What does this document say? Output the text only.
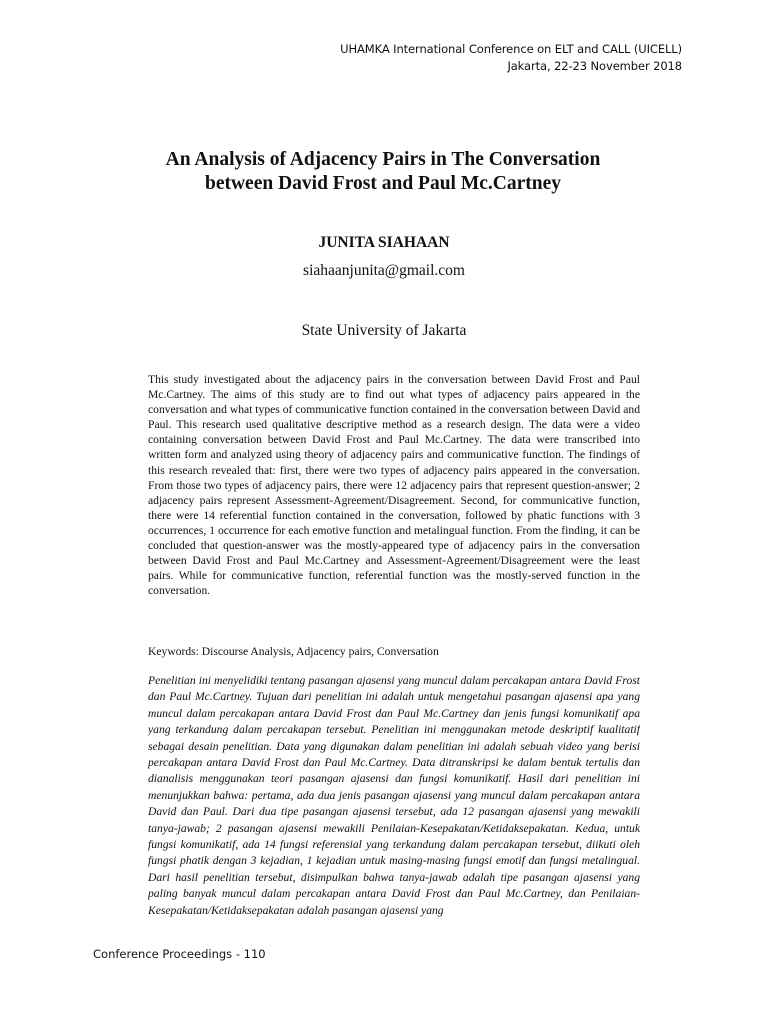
UHAMKA International Conference on ELT and CALL (UICELL)
Jakarta, 22-23 November 2018
An Analysis of Adjacency Pairs in The Conversation
between David Frost and Paul Mc.Cartney
JUNITA SIAHAAN
siahaanjunita@gmail.com
State University of Jakarta

This study investigated about the adjacency pairs in the conversation between David Frost and Paul Mc.Cartney. The aims of this study are to find out what types of adjacency pairs appeared in the conversation and what types of communicative function contained in the conversation between David and Paul. This research used qualitative descriptive method as a research design. The data were a video containing conversation between David Frost and Paul Mc.Cartney. The data were transcribed into written form and analyzed using theory of adjacency pairs and communicative function. The findings of this research revealed that: first, there were two types of adjacency pairs appeared in the conversation. From those two types of adjacency pairs, there were 12 adjacency pairs that represent question-answer; 2 adjacency pairs represent Assessment-Agreement/Disagreement. Second, for communicative function, there were 14 referential function contained in the conversation, followed by phatic functions with 3 occurrences, 1 occurrence for each emotive function and metalingual function. From the finding, it can be concluded that question-answer was the mostly-appeared type of adjacency pairs in the conversation between David Frost and Paul Mc.Cartney and Assessment-Agreement/Disagreement were the least pairs. While for communicative function, referential function was the mostly-served function in the conversation.

Keywords: Discourse Analysis, Adjacency pairs, Conversation

Penelitian ini menyelidiki tentang pasangan ajasensi yang muncul dalam percakapan antara David Frost dan Paul Mc.Cartney. Tujuan dari penelitian ini adalah untuk mengetahui pasangan ajasensi apa yang muncul dalam percakapan antara David Frost dan Paul Mc.Cartney dan jenis fungsi komunikatif apa yang terkandung dalam percakapan tersebut. Penelitian ini menggunakan metode deskriptif kualitatif sebagai desain penelitian. Data yang digunakan dalam penelitian ini adalah sebuah video yang berisi percakapan antara David Frost dan Paul Mc.Cartney. Data ditranskripsi ke dalam bentuk tertulis dan dianalisis menggunakan teori pasangan ajasensi dan fungsi komunikatif. Hasil dari penelitian ini menunjukkan bahwa: pertama, ada dua jenis pasangan ajasensi yang muncul dalam percakapan antara David dan Paul. Dari dua tipe pasangan ajasensi tersebut, ada 12 pasangan ajasensi yang mewakili tanya-jawab; 2 pasangan ajasensi mewakili Penilaian-Kesepakatan/Ketidaksepakatan. Kedua, untuk fungsi komunikatif, ada 14 fungsi referensial yang terkandung dalam percakapan tersebut, diikuti oleh fungsi phatik dengan 3 kejadian, 1 kejadian untuk masing-masing fungsi emotif dan fungsi metalingual. Dari hasil penelitian tersebut, disimpulkan bahwa tanya-jawab adalah tipe pasangan ajasensi yang paling banyak muncul dalam percakapan antara David Frost dan Paul Mc.Cartney, dan Penilaian-Kesepakatan/Ketidaksepakatan adalah pasangan ajasensi yang

Conference Proceedings - 110
